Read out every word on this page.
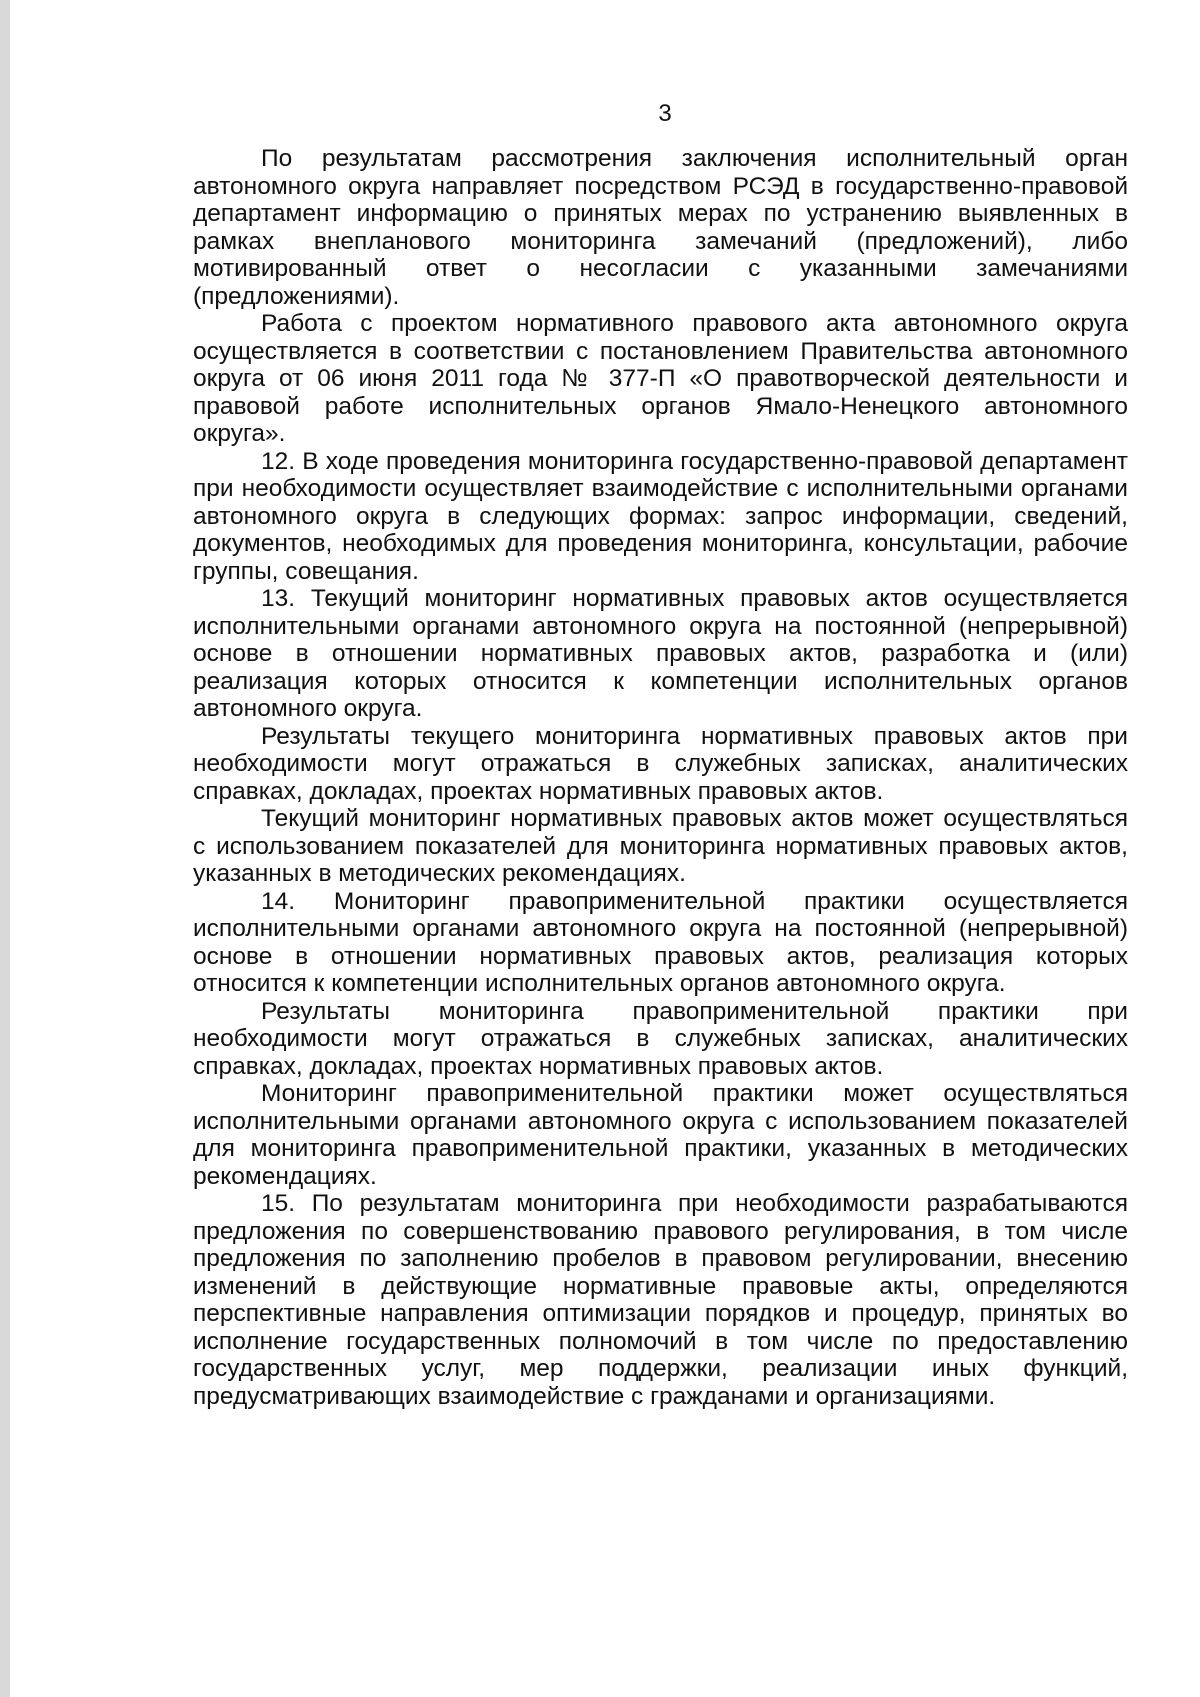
3

По результатам рассмотрения заключения исполнительный орган автономного округа направляет посредством РСЭД в государственно-правовой департамент информацию о принятых мерах по устранению выявленных в рамках внепланового мониторинга замечаний (предложений), либо мотивированный ответ о несогласии с указанными замечаниями (предложениями).

Работа с проектом нормативного правового акта автономного округа осуществляется в соответствии с постановлением Правительства автономного округа от 06 июня 2011 года № 377-П «О правотворческой деятельности и правовой работе исполнительных органов Ямало-Ненецкого автономного округа».

12. В ходе проведения мониторинга государственно-правовой департамент при необходимости осуществляет взаимодействие с исполнительными органами автономного округа в следующих формах: запрос информации, сведений, документов, необходимых для проведения мониторинга, консультации, рабочие группы, совещания.

13. Текущий мониторинг нормативных правовых актов осуществляется исполнительными органами автономного округа на постоянной (непрерывной) основе в отношении нормативных правовых актов, разработка и (или) реализация которых относится к компетенции исполнительных органов автономного округа.

Результаты текущего мониторинга нормативных правовых актов при необходимости могут отражаться в служебных записках, аналитических справках, докладах, проектах нормативных правовых актов.

Текущий мониторинг нормативных правовых актов может осуществляться с использованием показателей для мониторинга нормативных правовых актов, указанных в методических рекомендациях.

14. Мониторинг правоприменительной практики осуществляется исполнительными органами автономного округа на постоянной (непрерывной) основе в отношении нормативных правовых актов, реализация которых относится к компетенции исполнительных органов автономного округа.

Результаты мониторинга правоприменительной практики при необходимости могут отражаться в служебных записках, аналитических справках, докладах, проектах нормативных правовых актов.

Мониторинг правоприменительной практики может осуществляться исполнительными органами автономного округа с использованием показателей для мониторинга правоприменительной практики, указанных в методических рекомендациях.

15. По результатам мониторинга при необходимости разрабатываются предложения по совершенствованию правового регулирования, в том числе предложения по заполнению пробелов в правовом регулировании, внесению изменений в действующие нормативные правовые акты, определяются перспективные направления оптимизации порядков и процедур, принятых во исполнение государственных полномочий в том числе по предоставлению государственных услуг, мер поддержки, реализации иных функций, предусматривающих взаимодействие с гражданами и организациями.
